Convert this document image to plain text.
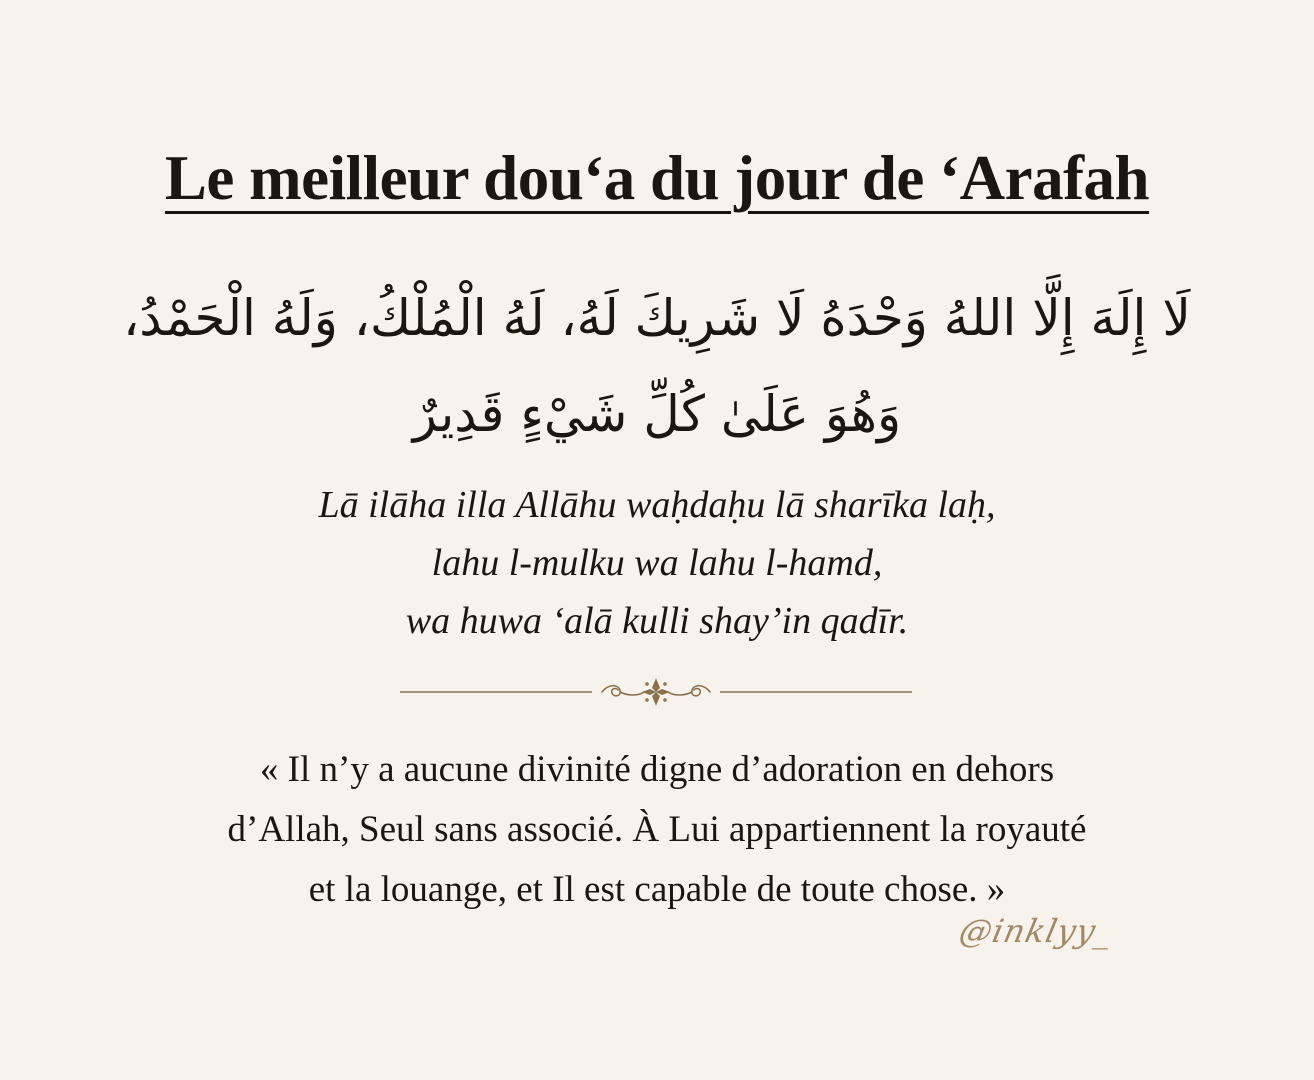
Le meilleur dou‘a du jour de ‘Arafah
لَا إِلَهَ إِلَّا اللهُ وَحْدَهُ لَا شَرِيكَ لَهُ، لَهُ الْمُلْكُ، وَلَهُ الْحَمْدُ،
وَهُوَ عَلَىٰ كُلِّ شَيْءٍ قَدِيرٌ
Lā ilāha illa Allāhu waḥdaḥu lā sharīka laḥ,
lahu l-mulku wa lahu l-hamd,
wa huwa ‘alā kulli shay’in qadīr.
« Il n’y a aucune divinité digne d’adoration en dehors
d’Allah, Seul sans associé. À Lui appartiennent la royauté
et la louange, et Il est capable de toute chose. »
@inklyy_
